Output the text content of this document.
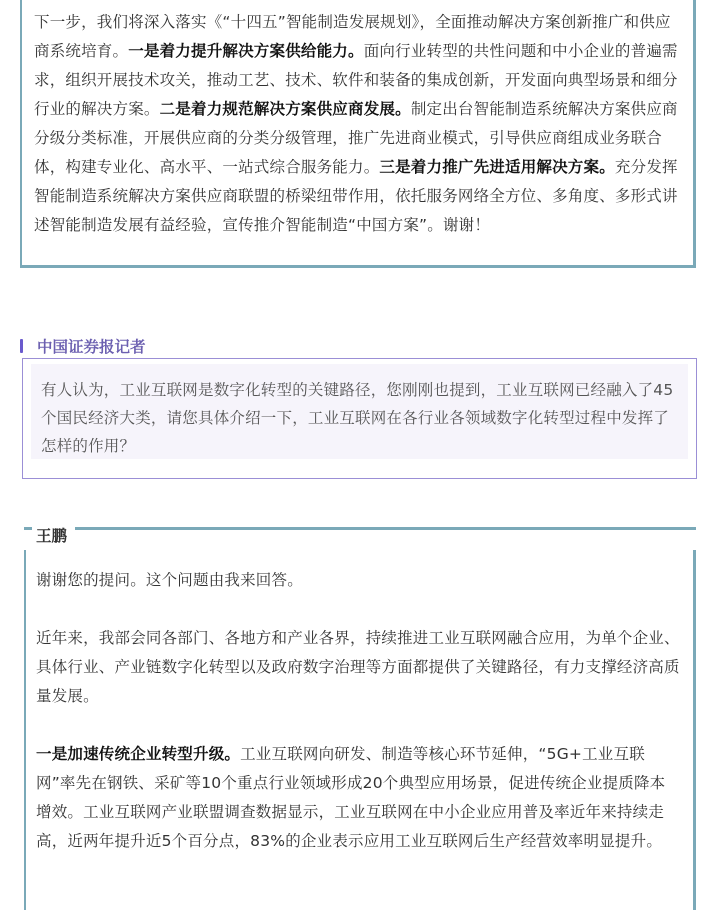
下一步，我们将深入落实《“十四五”智能制造发展规划》，全面推动解决方案创新推广和供应商系统培育。一是着力提升解决方案供给能力。面向行业转型的共性问题和中小企业的普遍需求，组织开展技术攻关，推动工艺、技术、软件和装备的集成创新，开发面向典型场景和细分行业的解决方案。二是着力规范解决方案供应商发展。制定出台智能制造系统解决方案供应商分级分类标准，开展供应商的分类分级管理，推广先进商业模式，引导供应商组成业务联合体，构建专业化、高水平、一站式综合服务能力。三是着力推广先进适用解决方案。充分发挥智能制造系统解决方案供应商联盟的桥梁纽带作用，依托服务网络全方位、多角度、多形式讲述智能制造发展有益经验，宣传推介智能制造“中国方案”。谢谢！

中国证券报记者

有人认为，工业互联网是数字化转型的关键路径，您刚刚也提到，工业互联网已经融入了45个国民经济大类，请您具体介绍一下，工业互联网在各行业各领域数字化转型过程中发挥了怎样的作用？

王鹏

谢谢您的提问。这个问题由我来回答。

近年来，我部会同各部门、各地方和产业各界，持续推进工业互联网融合应用，为单个企业、具体行业、产业链数字化转型以及政府数字治理等方面都提供了关键路径，有力支撑经济高质量发展。

一是加速传统企业转型升级。工业互联网向研发、制造等核心环节延伸，“5G+工业互联网”率先在钢铁、采矿等10个重点行业领域形成20个典型应用场景，促进传统企业提质降本增效。工业互联网产业联盟调查数据显示，工业互联网在中小企业应用普及率近年来持续走高，近两年提升近5个百分点，83%的企业表示应用工业互联网后生产经营效率明显提升。
